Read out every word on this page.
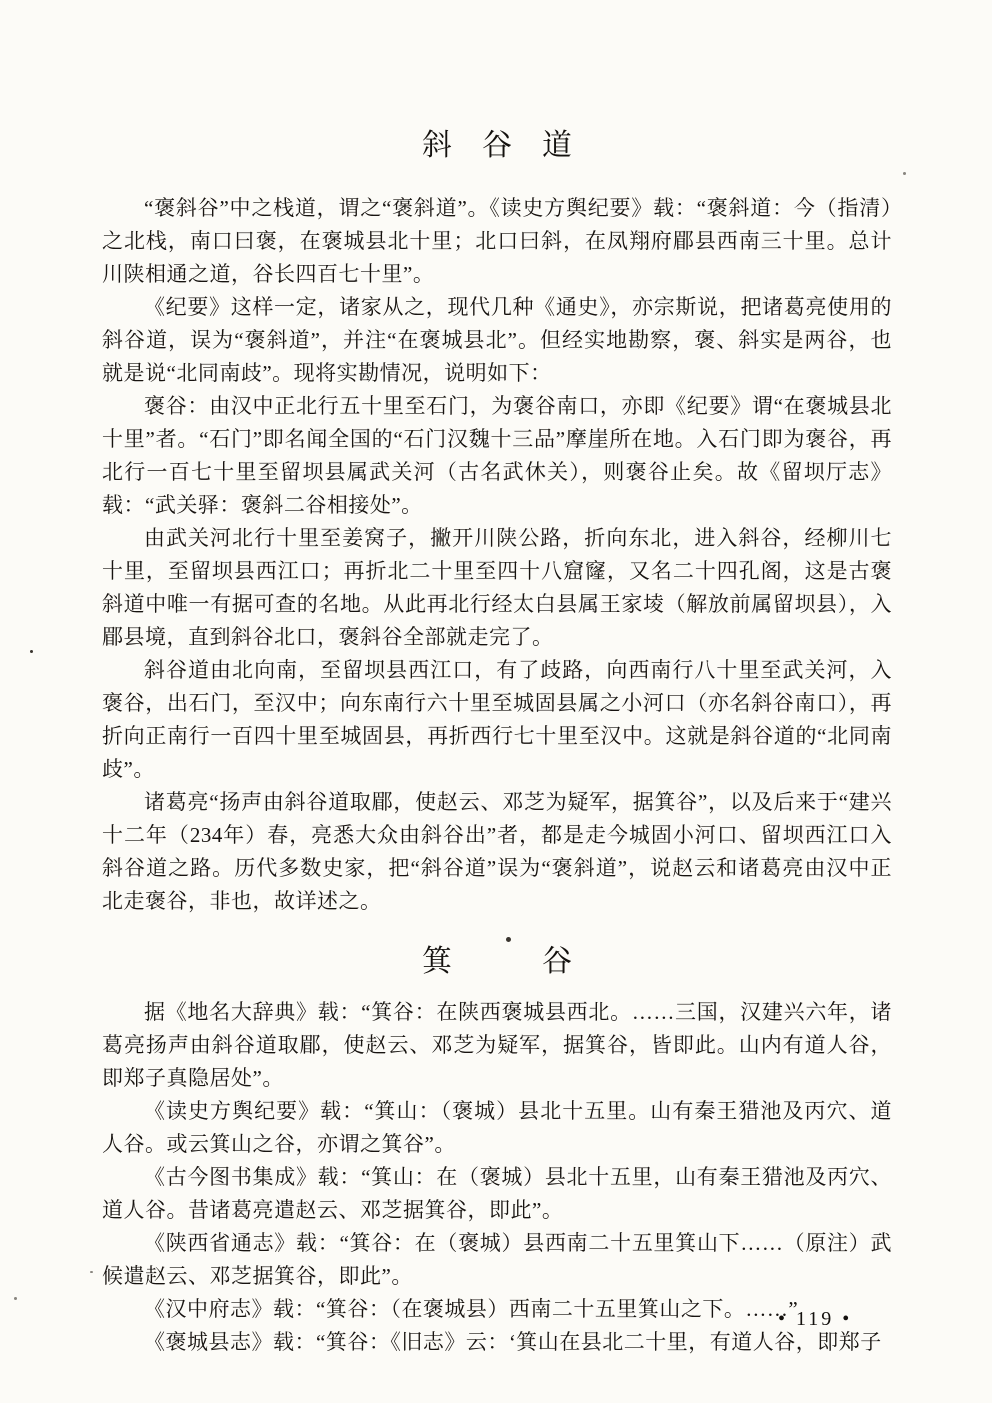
斜　谷　道

“褒斜谷”中之栈道，谓之“褒斜道”。《读史方舆纪要》载：“褒斜道：今（指清）之北栈，南口曰褒，在褒城县北十里；北口曰斜，在凤翔府郿县西南三十里。总计川陕相通之道，谷长四百七十里”。

《纪要》这样一定，诸家从之，现代几种《通史》，亦宗斯说，把诸葛亮使用的斜谷道，误为“褒斜道”，并注“在褒城县北”。但经实地勘察，褒、斜实是两谷，也就是说“北同南歧”。现将实勘情况，说明如下：

褒谷：由汉中正北行五十里至石门，为褒谷南口，亦即《纪要》谓“在褒城县北十里”者。“石门”即名闻全国的“石门汉魏十三品”摩崖所在地。入石门即为褒谷，再北行一百七十里至留坝县属武关河（古名武休关），则褒谷止矣。故《留坝厅志》载：“武关驿：褒斜二谷相接处”。

由武关河北行十里至姜窝子，撇开川陕公路，折向东北，进入斜谷，经柳川七十里，至留坝县西江口；再折北二十里至四十八窟窿，又名二十四孔阁，这是古褒斜道中唯一有据可查的名地。从此再北行经太白县属王家堎（解放前属留坝县），入郿县境，直到斜谷北口，褒斜谷全部就走完了。

斜谷道由北向南，至留坝县西江口，有了歧路，向西南行八十里至武关河，入褒谷，出石门，至汉中；向东南行六十里至城固县属之小河口（亦名斜谷南口），再折向正南行一百四十里至城固县，再折西行七十里至汉中。这就是斜谷道的“北同南歧”。

诸葛亮“扬声由斜谷道取郿，使赵云、邓芝为疑军，据箕谷”，以及后来于“建兴十二年（234年）春，亮悉大众由斜谷出”者，都是走今城固小河口、留坝西江口入斜谷道之路。历代多数史家，把“斜谷道”误为“褒斜道”，说赵云和诸葛亮由汉中正北走褒谷，非也，故详述之。

箕　　　谷

据《地名大辞典》载：“箕谷：在陕西褒城县西北。……三国，汉建兴六年，诸葛亮扬声由斜谷道取郿，使赵云、邓芝为疑军，据箕谷，皆即此。山内有道人谷，即郑子真隐居处”。

《读史方舆纪要》载：“箕山：（褒城）县北十五里。山有秦王猎池及丙穴、道人谷。或云箕山之谷，亦谓之箕谷”。

《古今图书集成》载：“箕山：在（褒城）县北十五里，山有秦王猎池及丙穴、道人谷。昔诸葛亮遣赵云、邓芝据箕谷，即此”。

《陕西省通志》载：“箕谷：在（褒城）县西南二十五里箕山下……（原注）武候遣赵云、邓芝据箕谷，即此”。

《汉中府志》载：“箕谷：（在褒城县）西南二十五里箕山之下。……”

《褒城县志》载：“箕谷：《旧志》云：‘箕山在县北二十里，有道人谷，即郑子

• 119 •
